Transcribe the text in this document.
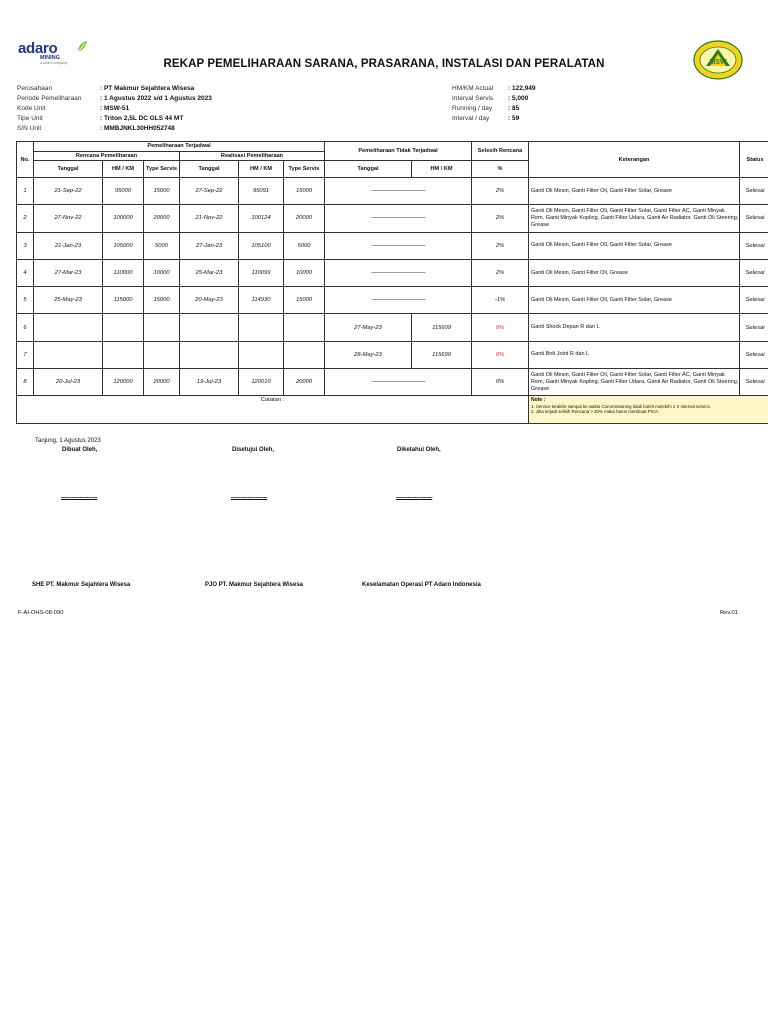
adaro
MINING
A Adaro company	REKAP PEMELIHARAAN SARANA, PRASARANA, INSTALASI DAN PERALATAN	MSW
Perusahaan	: PT Makmur Sejahtera Wisesa
Periode Pemeliharaan	: 1 Agustus 2022 s/d 1 Agustus 2023
Kode Unit	: MSW-51
Tipe Unit	: Triton 2,5L DC GLS 44 MT
S/N Unit	: MMBJNKL30HH052748
HM/KM Actual	: 122,949
Interval Servis	: 5,000
Running / day	: 85
Interval / day	: 59
No.	Pemeliharaan Terjadwal						Pemeliharaan Tidak Terjadwal		Selesih Rencana	Keterangan	Status
	Rencana Pemeliharaan			Realisasi Pemeliharaan							
	Tanggal	HM / KM	Type Servis	Tanggal	HM / KM	Type Servis	Tanggal	HM / KM	%		
1	21-Sep-22	95000	15000	27-Sep-22	95091	15000	---------------------------------------------		2%	Ganti Oli Mesin, Ganti Filter Oli, Ganti Filter Solar, Grease	Selesai
2	27-Nov-22	100000	20000	21-Nov-22	100124	20000	---------------------------------------------		2%	Ganti Oli Mesin, Ganti Filter Oli, Ganti Filter Solar, Ganti Filter AC, Ganti Minyak Rem, Ganti Minyak Kopling, Ganti Filter Udara, Ganti Air Radiator, Ganti Oli Steering, Grease	Selesai
3	21-Jan-23	105000	5000	27-Jan-23	105100	5000	---------------------------------------------		2%	Ganti Oli Mesin, Ganti Filter Oli, Ganti Filter Solar, Grease	Selesai
4	27-Mar-23	110000	10000	25-Mar-23	110099	10000	---------------------------------------------		2%	Ganti Oli Mesin, Ganti Filter Oli, Grease	Selesai
5	25-May-23	115000	15000	20-May-23	114930	15000	---------------------------------------------		-1%	Ganti Oli Mesin, Ganti Filter Oli, Ganti Filter Solar, Grease	Selesai
6							27-May-23	115609	0%	Ganti Shock Depan R dan L	Selesai
7							28-May-23	115690	0%	Ganti Bolt Joint R dan L	Selesai
8	20-Jul-23	120000	20000	19-Jul-23	120010	20000	---------------------------------------------		0%	Ganti Oli Mesin, Ganti Filter Oli, Ganti Filter Solar, Ganti Filter AC, Ganti Minyak Rem, Ganti Minyak Kopling, Ganti Filter Udara, Ganti Air Radiator, Ganti Oli Steering, Grease	Selesai
Catatan :										Note :
1. Service terakhir sampai ke waktu Commissioning tidak boleh melebihi 1 X interval service.
2. Jika terjadi selisih Rencana > 20% maka harus membuat PICA.	
Tanjung, 1 Agustus 2023
Dibuat Oleh,	Disetujui Oleh,	Diketahui Oleh,
...............................	...............................	...............................
SHE PT. Makmur Sejahtera Wisesa	PJO PT. Makmur Sejahtera Wisesa	Keselamatan Operasi PT Adaro Indonesia
F-AI-OHS-08-090	Rev.01
